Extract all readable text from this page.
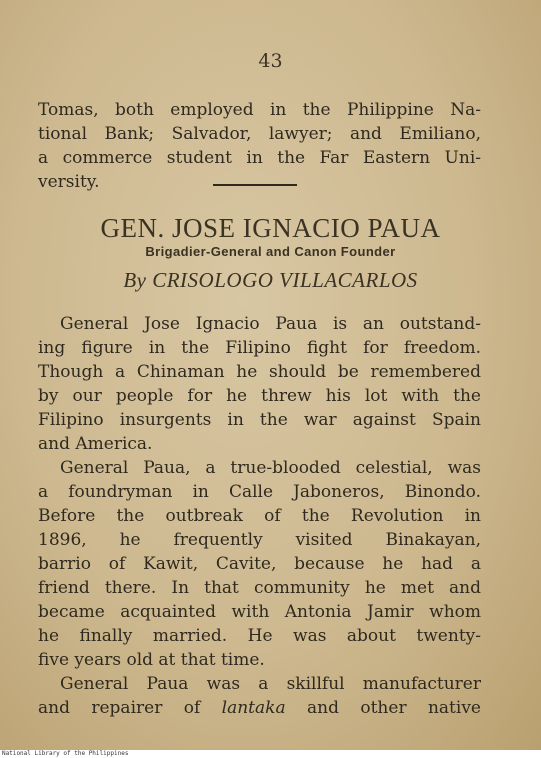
43
Tomas, both employed in the Philippine Na-
tional Bank; Salvador, lawyer; and Emiliano,
a commerce student in the Far Eastern Uni-
versity.
GEN. JOSE IGNACIO PAUA
Brigadier-General and Canon Founder
By CRISOLOGO VILLACARLOS
General Jose Ignacio Paua is an outstand-
ing figure in the Filipino fight for freedom.
Though a Chinaman he should be remembered
by our people for he threw his lot with the
Filipino insurgents in the war against Spain
and America.
General Paua, a true-blooded celestial, was
a foundryman in Calle Jaboneros, Binondo.
Before the outbreak of the Revolution in
1896, he frequently visited Binakayan,
barrio of Kawit, Cavite, because he had a
friend there. In that community he met and
became acquainted with Antonia Jamir whom
he finally married. He was about twenty-
five years old at that time.
General Paua was a skillful manufacturer
and repairer of lantaka and other native
National Library of the Philippines
